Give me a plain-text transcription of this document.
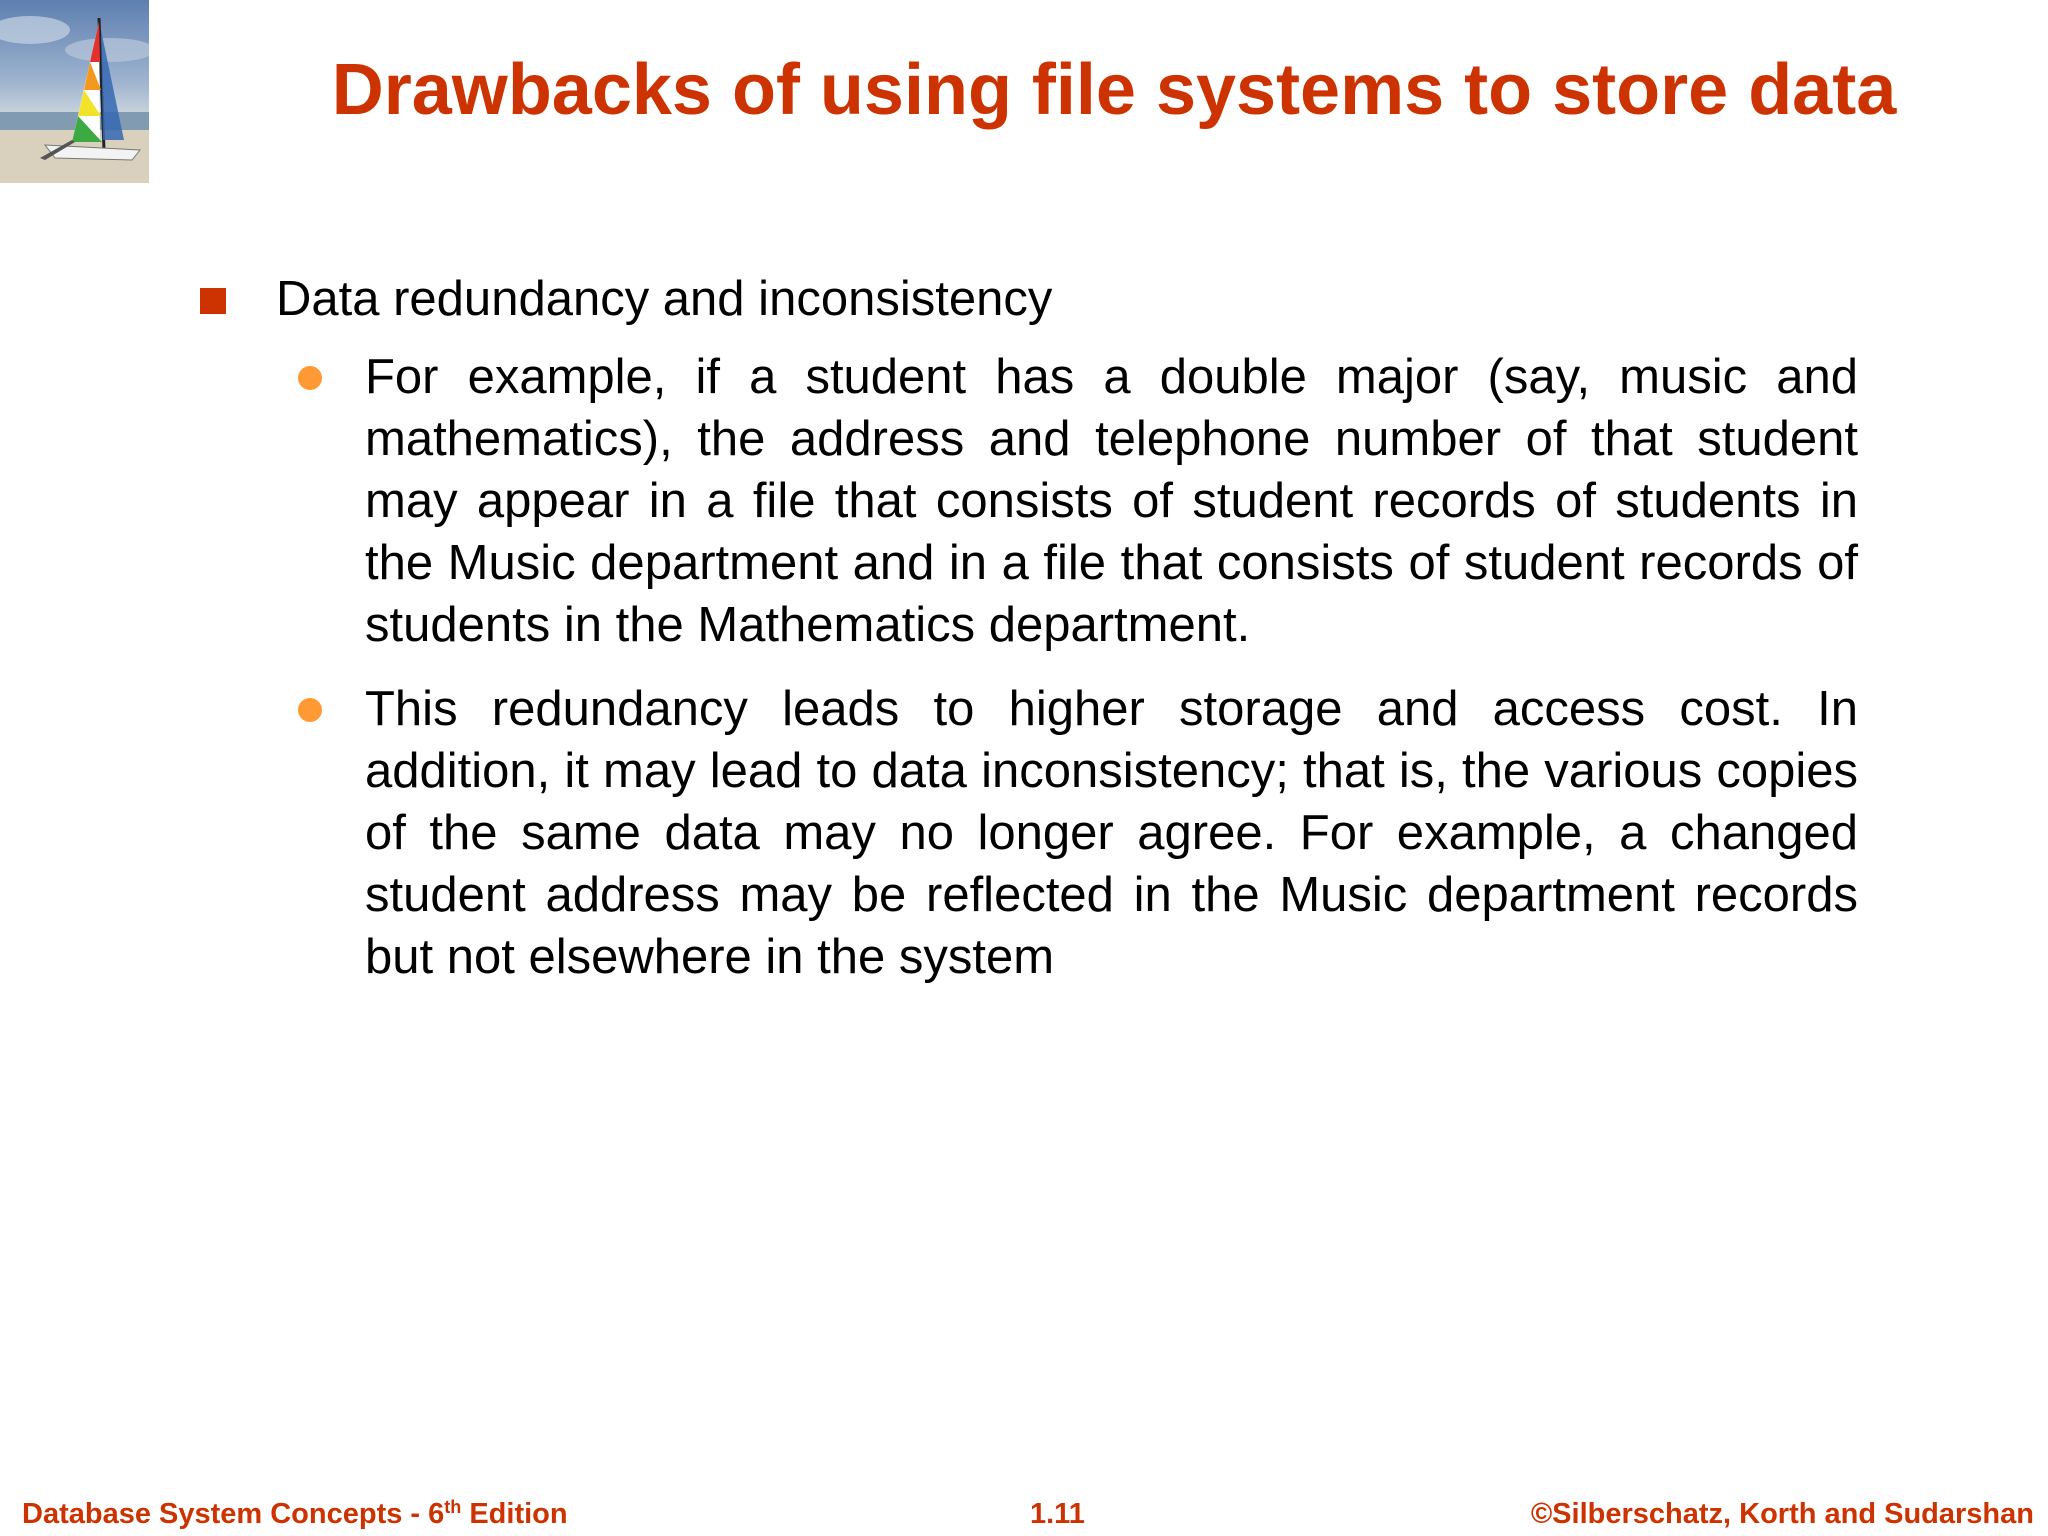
Drawbacks of using file systems to store data
Data redundancy and inconsistency
For example, if a student has a double major (say, music and mathematics), the address and telephone number of that student may appear in a file that consists of student records of students in the Music department and in a file that consists of student records of students in the Mathematics department.
This redundancy leads to higher storage and access cost. In addition, it may lead to data inconsistency; that is, the various copies of the same data may no longer agree. For example, a changed student address may be reflected in the Music department records but not elsewhere in the system
Database System Concepts - 6th Edition	1.11	©Silberschatz, Korth and Sudarshan
